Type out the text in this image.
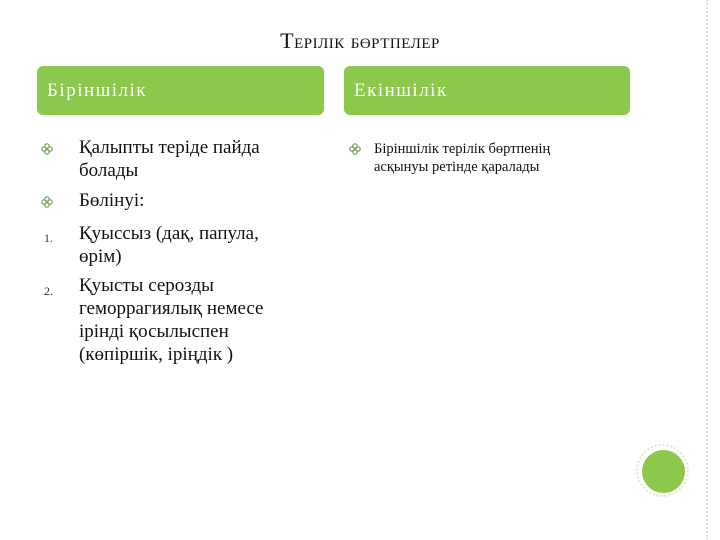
Терілік бөртпелер
Біріншілік	Екіншілік
Қалыпты теріде пайда болады
Бөлінуі:
1. Қуыссыз (дақ, папула, өрім)
2. Қуысты серозды геморрагиялық немесе ірінді қосылыспен (көпіршік, іріңдік )
Біріншілік терілік бөртпенің асқынуы ретінде қаралады
